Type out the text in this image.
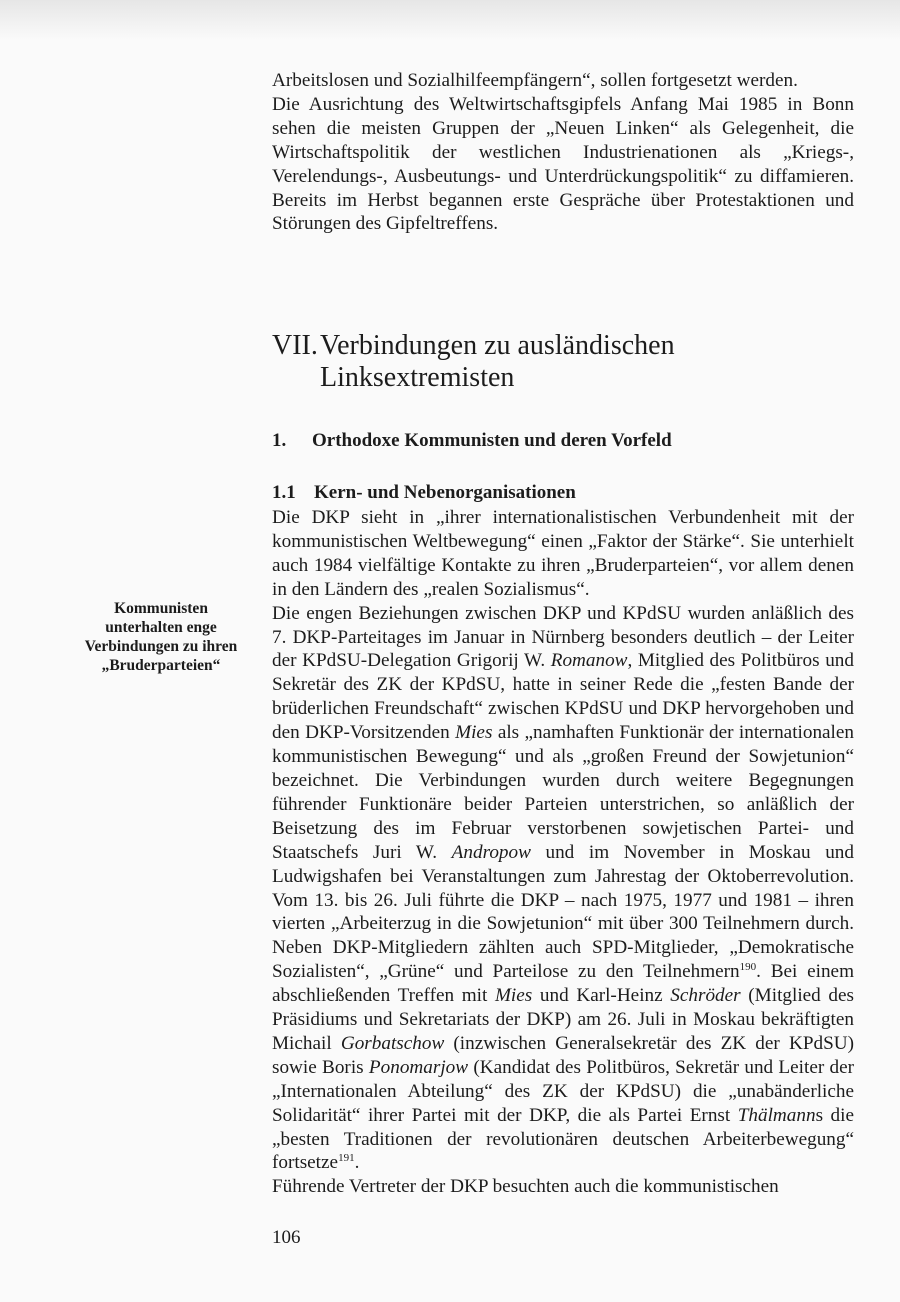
Arbeitslosen und Sozialhilfeempfängern“, sollen fortgesetzt werden.

Die Ausrichtung des Weltwirtschaftsgipfels Anfang Mai 1985 in Bonn sehen die meisten Gruppen der „Neuen Linken“ als Gelegenheit, die Wirtschaftspolitik der westlichen Industrienationen als „Kriegs-, Verelendungs-, Ausbeutungs- und Unterdrückungspolitik“ zu diffamieren. Bereits im Herbst begannen erste Gespräche über Protestaktionen und Störungen des Gipfeltreffens.

VII. Verbindungen zu ausländischen
Linksextremisten
1. Orthodoxe Kommunisten und deren Vorfeld
1.1 Kern- und Nebenorganisationen

Die DKP sieht in „ihrer internationalistischen Verbundenheit mit der kommunistischen Weltbewegung“ einen „Faktor der Stärke“. Sie unterhielt auch 1984 vielfältige Kontakte zu ihren „Bruderparteien“, vor allem denen in den Ländern des „realen Sozialismus“.

Die engen Beziehungen zwischen DKP und KPdSU wurden anläßlich des 7. DKP-Parteitages im Januar in Nürnberg besonders deutlich – der Leiter der KPdSU-Delegation Grigorij W. Romanow, Mitglied des Politbüros und Sekretär des ZK der KPdSU, hatte in seiner Rede die „festen Bande der brüderlichen Freundschaft“ zwischen KPdSU und DKP hervorgehoben und den DKP-Vorsitzenden Mies als „namhaften Funktionär der internationalen kommunistischen Bewegung“ und als „großen Freund der Sowjetunion“ bezeichnet. Die Verbindungen wurden durch weitere Begegnungen führender Funktionäre beider Parteien unterstrichen, so anläßlich der Beisetzung des im Februar verstorbenen sowjetischen Partei- und Staatschefs Juri W. Andropow und im November in Moskau und Ludwigshafen bei Veranstaltungen zum Jahrestag der Oktoberrevolution. Vom 13. bis 26. Juli führte die DKP – nach 1975, 1977 und 1981 – ihren vierten „Arbeiterzug in die Sowjetunion“ mit über 300 Teilnehmern durch. Neben DKP-Mitgliedern zählten auch SPD-Mitglieder, „Demokratische Sozialisten“, „Grüne“ und Parteilose zu den Teilnehmern$^{190}$. Bei einem abschließenden Treffen mit Mies und Karl-Heinz Schröder (Mitglied des Präsidiums und Sekretariats der DKP) am 26. Juli in Moskau bekräftigten Michail Gorbatschow (inzwischen Generalsekretär des ZK der KPdSU) sowie Boris Ponomarjow (Kandidat des Politbüros, Sekretär und Leiter der „Internationalen Abteilung“ des ZK der KPdSU) die „unabänderliche Solidarität“ ihrer Partei mit der DKP, die als Partei Ernst Thälmanns die „besten Traditionen der revolutionären deutschen Arbeiterbewegung“ fortsetze$^{191}$.

Führende Vertreter der DKP besuchten auch die kommunistischen

Kommunisten unterhalten enge Verbindungen zu ihren „Bruderparteien“
106
